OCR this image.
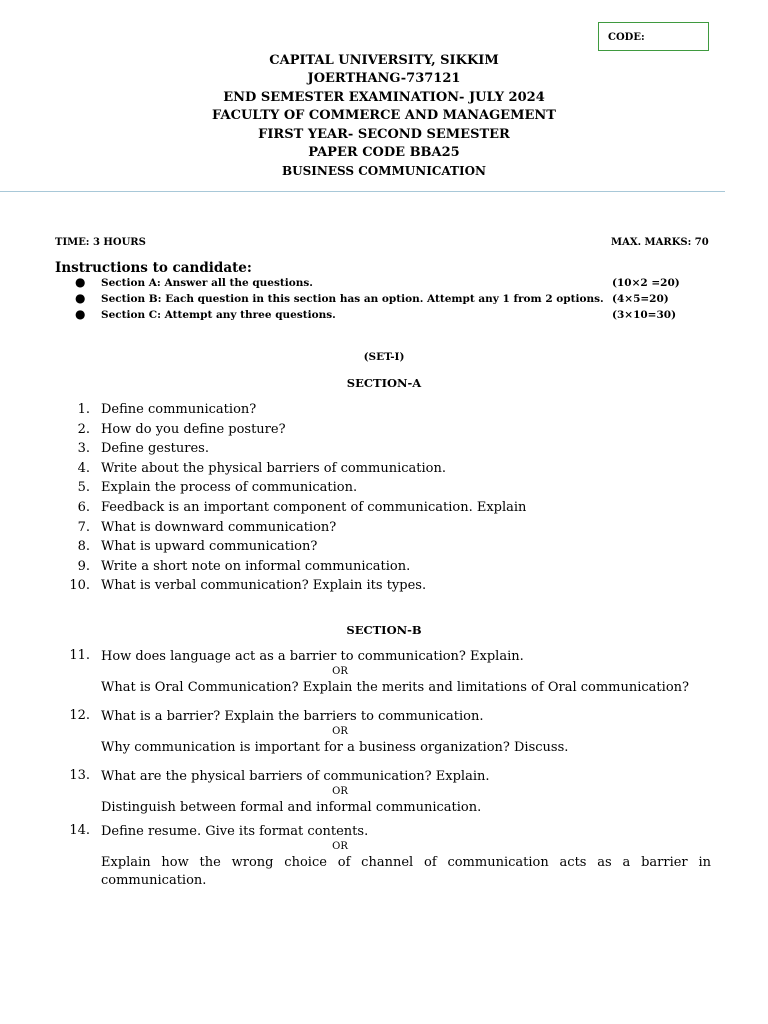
CODE:
CAPITAL UNIVERSITY, SIKKIM
JOERTHANG-737121
END SEMESTER EXAMINATION- JULY 2024
FACULTY OF COMMERCE AND MANAGEMENT
FIRST YEAR- SECOND SEMESTER
PAPER CODE BBA25
BUSINESS COMMUNICATION
TIME: 3 HOURS	MAX. MARKS: 70
Instructions to candidate:
● Section A: Answer all the questions.	(10×2 =20)
● Section B: Each question in this section has an option. Attempt any 1 from 2 options. (4×5=20)
● Section C: Attempt any three questions.	(3×10=30)
(SET-I)
SECTION-A
1. Define communication?
2. How do you define posture?
3. Define gestures.
4. Write about the physical barriers of communication.
5. Explain the process of communication.
6. Feedback is an important component of communication. Explain
7. What is downward communication?
8. What is upward communication?
9. Write a short note on informal communication.
10. What is verbal communication? Explain its types.
SECTION-B
11. How does language act as a barrier to communication? Explain.
OR
What is Oral Communication? Explain the merits and limitations of Oral communication?
12. What is a barrier? Explain the barriers to communication.
OR
Why communication is important for a business organization? Discuss.
13. What are the physical barriers of communication? Explain.
OR
Distinguish between formal and informal communication.
14. Define resume. Give its format contents.
OR
Explain how the wrong choice of channel of communication acts as a barrier in communication.
